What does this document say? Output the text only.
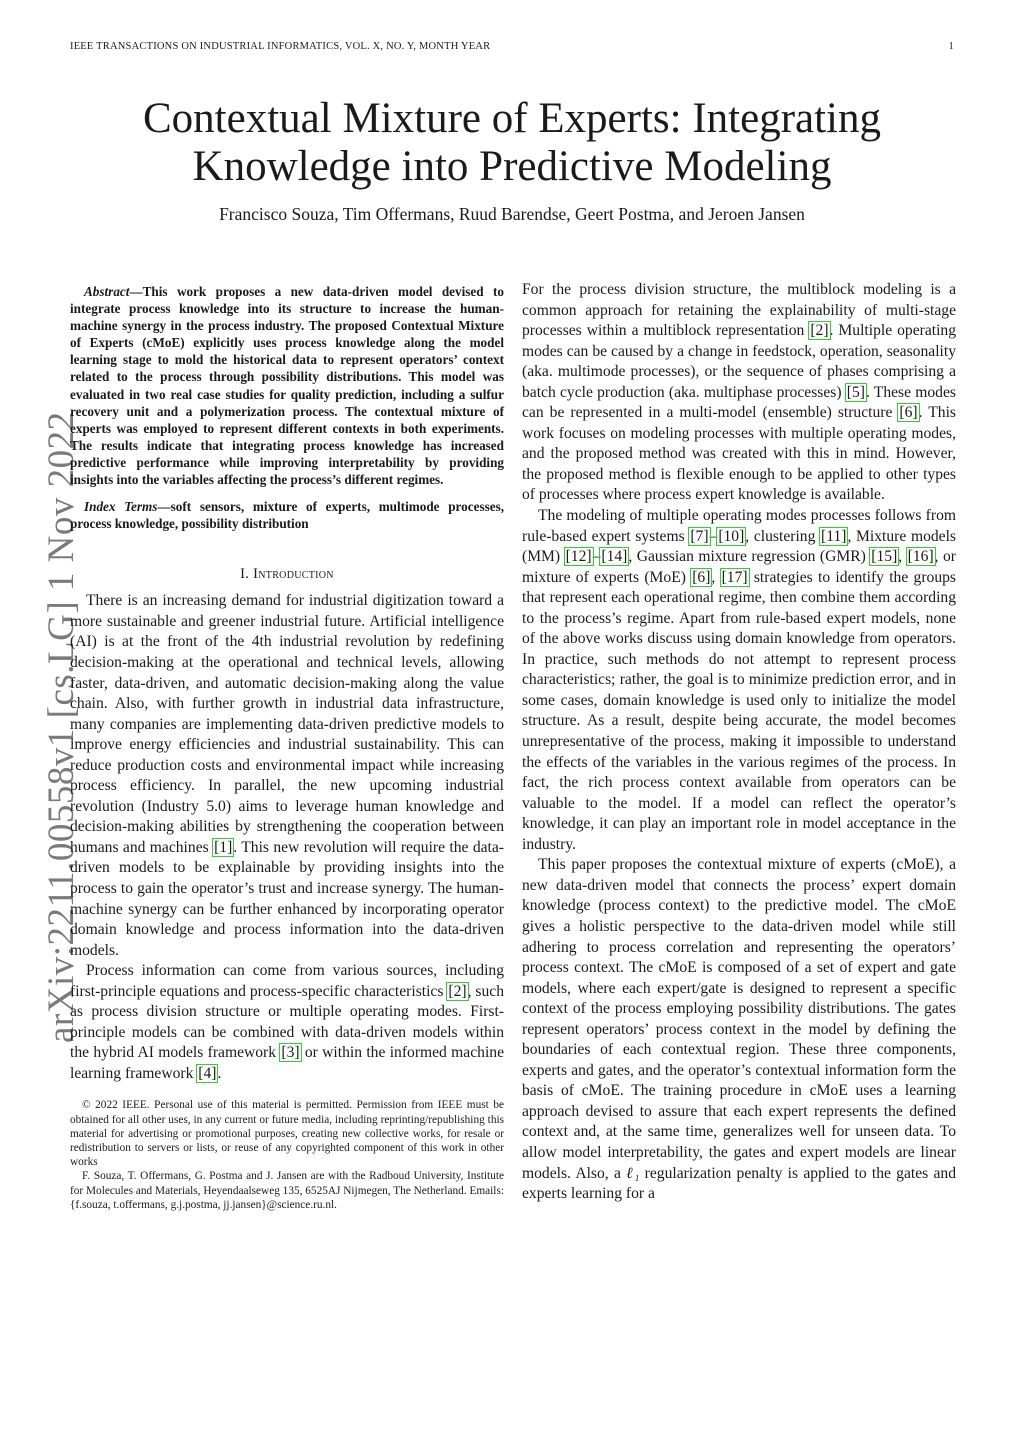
IEEE TRANSACTIONS ON INDUSTRIAL INFORMATICS, VOL. X, NO. Y, MONTH YEAR	1
arXiv:2211.00558v1 [cs.LG] 1 Nov 2022
Contextual Mixture of Experts: Integrating
Knowledge into Predictive Modeling
Francisco Souza, Tim Offermans, Ruud Barendse, Geert Postma, and Jeroen Jansen

Abstract—This work proposes a new data-driven model devised to integrate process knowledge into its structure to increase the human-machine synergy in the process industry. The proposed Contextual Mixture of Experts (cMoE) explicitly uses process knowledge along the model learning stage to mold the historical data to represent operators’ context related to the process through possibility distributions. This model was evaluated in two real case studies for quality prediction, including a sulfur recovery unit and a polymerization process. The contextual mixture of experts was employed to represent different contexts in both experiments. The results indicate that integrating process knowledge has increased predictive performance while improving interpretability by providing insights into the variables affecting the process’s different regimes.

Index Terms—soft sensors, mixture of experts, multimode processes, process knowledge, possibility distribution
I. Introduction

There is an increasing demand for industrial digitization toward a more sustainable and greener industrial future. Artificial intelligence (AI) is at the front of the 4th industrial revolution by redefining decision-making at the operational and technical levels, allowing faster, data-driven, and automatic decision-making along the value chain. Also, with further growth in industrial data infrastructure, many companies are implementing data-driven predictive models to improve energy efficiencies and industrial sustainability. This can reduce production costs and environmental impact while increasing process efficiency. In parallel, the new upcoming industrial revolution (Industry 5.0) aims to leverage human knowledge and decision-making abilities by strengthening the cooperation between humans and machines [1]. This new revolution will require the data-driven models to be explainable by providing insights into the process to gain the operator’s trust and increase synergy. The human-machine synergy can be further enhanced by incorporating operator domain knowledge and process information into the data-driven models.

Process information can come from various sources, including first-principle equations and process-specific characteristics [2], such as process division structure or multiple operating modes. First-principle models can be combined with data-driven models within the hybrid AI models framework [3] or within the informed machine learning framework [4].

© 2022 IEEE. Personal use of this material is permitted. Permission from IEEE must be obtained for all other uses, in any current or future media, including reprinting/republishing this material for advertising or promotional purposes, creating new collective works, for resale or redistribution to servers or lists, or reuse of any copyrighted component of this work in other works

F. Souza, T. Offermans, G. Postma and J. Jansen are with the Radboud University, Institute for Molecules and Materials, Heyendaalseweg 135, 6525AJ Nijmegen, The Netherland. Emails: {f.souza, t.offermans, g.j.postma, jj.jansen}@science.ru.nl.

For the process division structure, the multiblock modeling is a common approach for retaining the explainability of multi-stage processes within a multiblock representation [2]. Multiple operating modes can be caused by a change in feedstock, operation, seasonality (aka. multimode processes), or the sequence of phases comprising a batch cycle production (aka. multiphase processes) [5]. These modes can be represented in a multi-model (ensemble) structure [6]. This work focuses on modeling processes with multiple operating modes, and the proposed method was created with this in mind. However, the proposed method is flexible enough to be applied to other types of processes where process expert knowledge is available.

The modeling of multiple operating modes processes follows from rule-based expert systems [7]–[10], clustering [11], Mixture models (MM) [12]–[14], Gaussian mixture regression (GMR) [15], [16], or mixture of experts (MoE) [6], [17] strategies to identify the groups that represent each operational regime, then combine them according to the process’s regime. Apart from rule-based expert models, none of the above works discuss using domain knowledge from operators. In practice, such methods do not attempt to represent process characteristics; rather, the goal is to minimize prediction error, and in some cases, domain knowledge is used only to initialize the model structure. As a result, despite being accurate, the model becomes unrepresentative of the process, making it impossible to understand the effects of the variables in the various regimes of the process. In fact, the rich process context available from operators can be valuable to the model. If a model can reflect the operator’s knowledge, it can play an important role in model acceptance in the industry.

This paper proposes the contextual mixture of experts (cMoE), a new data-driven model that connects the process’ expert domain knowledge (process context) to the predictive model. The cMoE gives a holistic perspective to the data-driven model while still adhering to process correlation and representing the operators’ process context. The cMoE is composed of a set of expert and gate models, where each expert/gate is designed to represent a specific context of the process employing possibility distributions. The gates represent operators’ process context in the model by defining the boundaries of each contextual region. These three components, experts and gates, and the operator’s contextual information form the basis of cMoE. The training procedure in cMoE uses a learning approach devised to assure that each expert represents the defined context and, at the same time, generalizes well for unseen data. To allow model interpretability, the gates and expert models are linear models. Also, a ℓ₁ regularization penalty is applied to the gates and experts learning for a
